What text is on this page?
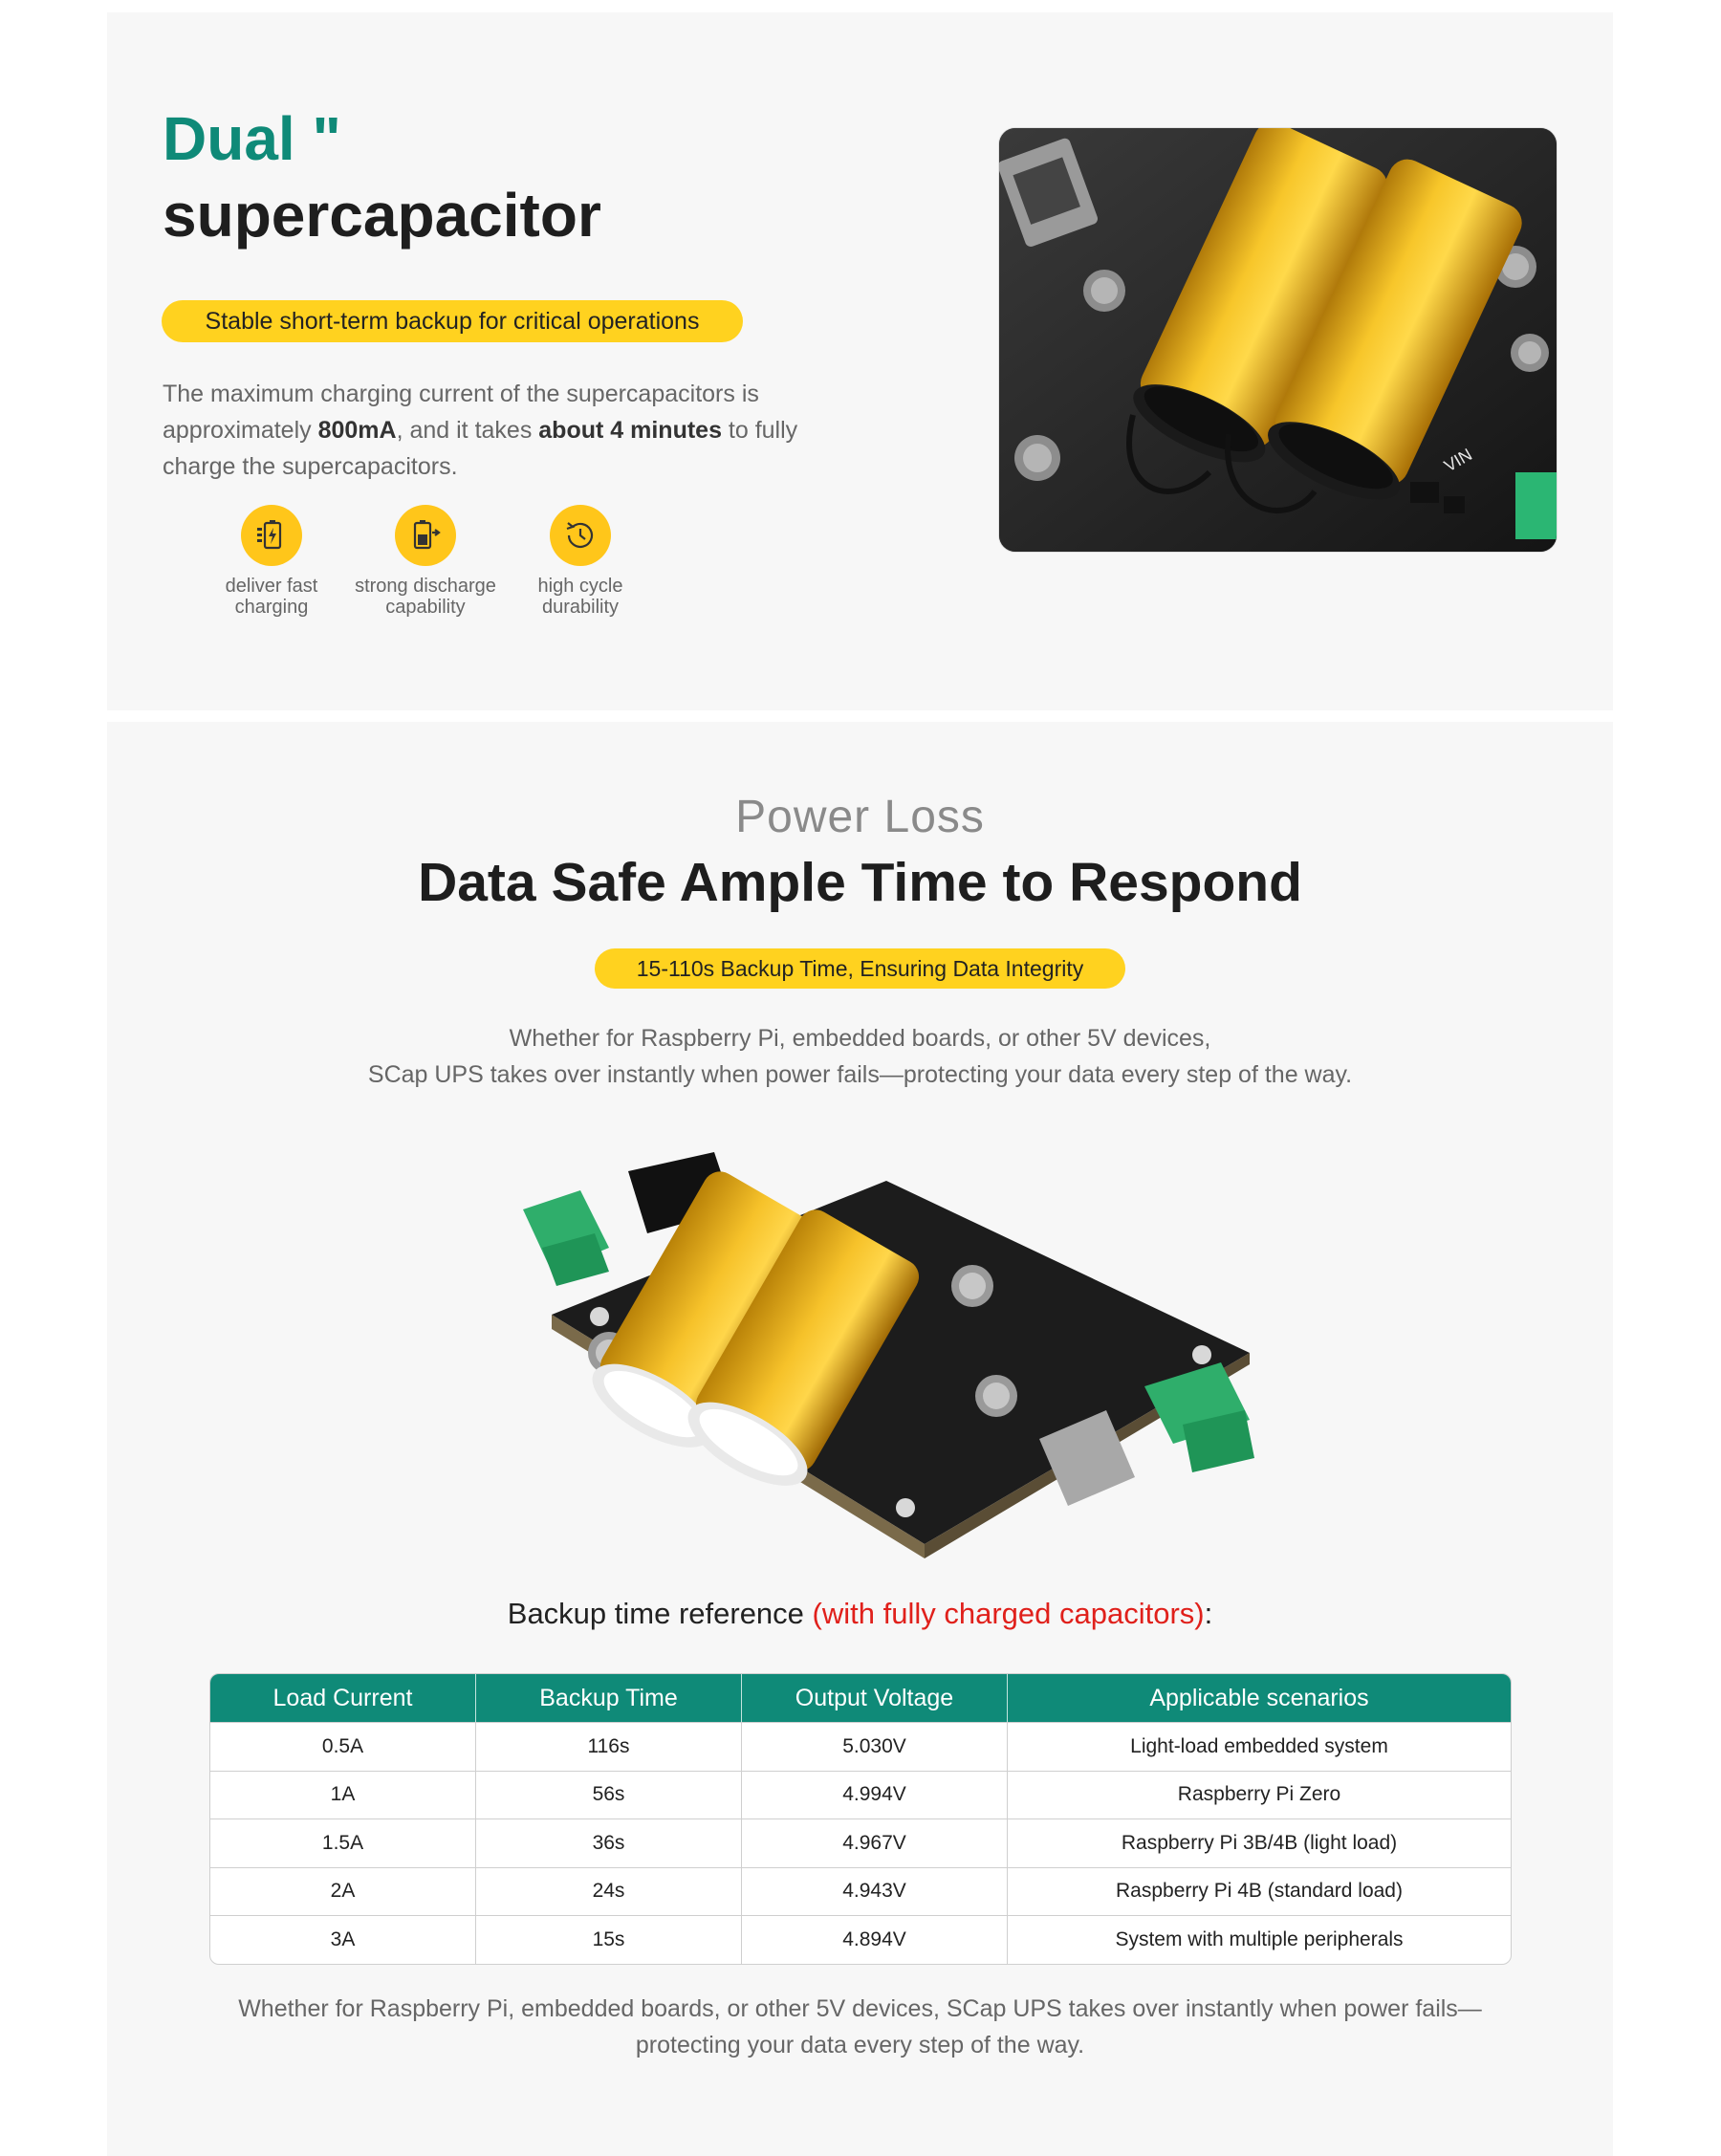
Dual "
supercapacitor
Stable short-term backup for critical operations

The maximum charging current of the supercapacitors is approximately 800mA, and it takes about 4 minutes to fully charge the supercapacitors.

deliver fast
charging
strong discharge
capability
high cycle
durability
VIN
Power Loss
Data Safe Ample Time to Respond
15-110s Backup Time, Ensuring Data Integrity
Whether for Raspberry Pi, embedded boards, or other 5V devices,
SCap UPS takes over instantly when power fails—protecting your data every step of the way.
Backup time reference (with fully charged capacitors):
Load Current	Backup Time	Output Voltage	Applicable scenarios
0.5A	116s	5.030V	Light-load embedded system
1A	56s	4.994V	Raspberry Pi Zero
1.5A	36s	4.967V	Raspberry Pi 3B/4B (light load)
2A	24s	4.943V	Raspberry Pi 4B (standard load)
3A	15s	4.894V	System with multiple peripherals

Whether for Raspberry Pi, embedded boards, or other 5V devices, SCap UPS takes over instantly when power fails—protecting your data every step of the way.
